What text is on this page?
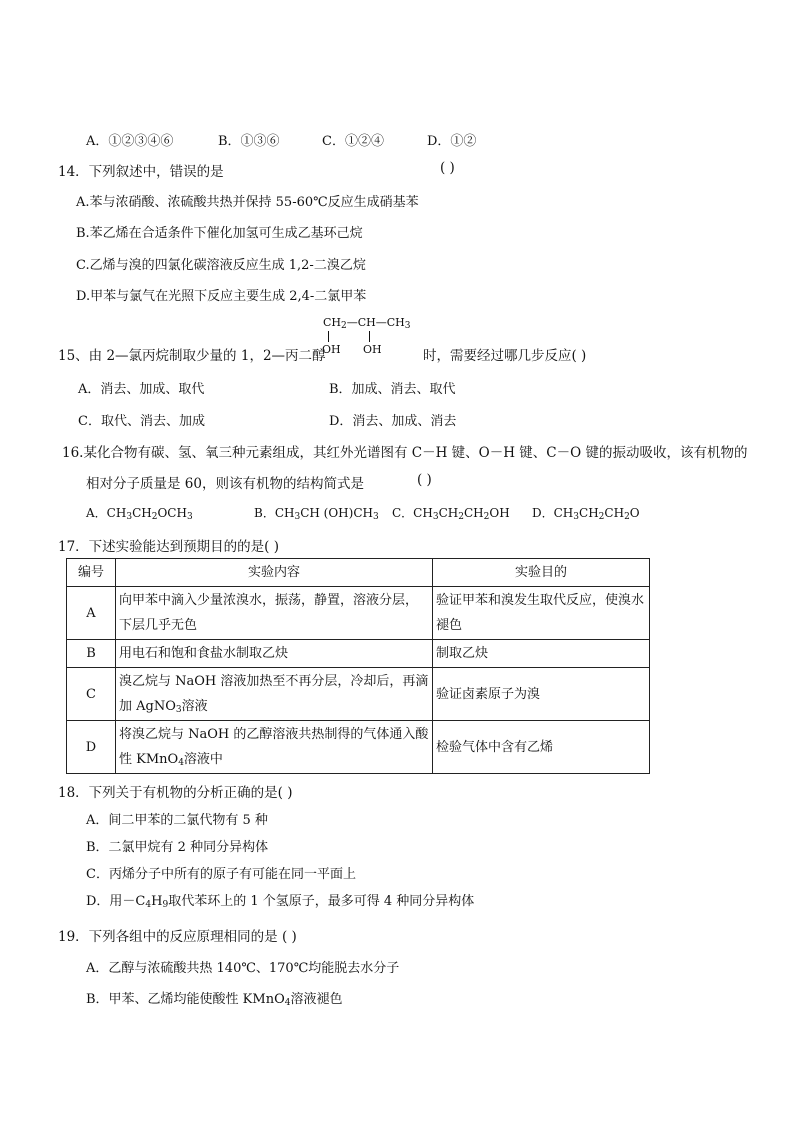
A．①②③④⑥	B．①③⑥	C．①②④	D．①②
14．下列叙述中，错误的是	( )
A.苯与浓硝酸、浓硫酸共热并保持 55-60℃反应生成硝基苯
B.苯乙烯在合适条件下催化加氢可生成乙基环己烷
C.乙烯与溴的四氯化碳溶液反应生成 1,2-二溴乙烷
D.甲苯与氯气在光照下反应主要生成 2,4-二氯甲苯
$CH_2—CH—CH_3$
OH OH
15、由 2—氯丙烷制取少量的 1，2—丙二醇	时，需要经过哪几步反应( )
A．消去、加成、取代	B．加成、消去、取代
C．取代、消去、加成	D．消去、加成、消去
16.某化合物有碳、氢、氧三种元素组成，其红外光谱图有 C－H 键、O－H 键、C－O 键的振动吸收，该有机物的
相对分子质量是 60，则该有机物的结构简式是	( )
A．$CH_3CH_2OCH_3$	B．$CH_3CH$ $(OH)CH_3$ C．$CH_3CH_2CH_2OH$ D．$CH_3CH_2CH_2O$
17．下述实验能达到预期目的的是( )
编号	实验内容	实验目的
A	向甲苯中滴入少量浓溴水，振荡，静置，溶液分层，下层几乎无色	验证甲苯和溴发生取代反应，使溴水褪色
B	用电石和饱和食盐水制取乙炔	制取乙炔
C	溴乙烷与 NaOH 溶液加热至不再分层，冷却后，再滴加 AgNO$_3$溶液	验证卤素原子为溴
D	将溴乙烷与 NaOH 的乙醇溶液共热制得的气体通入酸性 KMnO$_4$溶液中	检验气体中含有乙烯
18．下列关于有机物的分析正确的是( )
A．间二甲苯的二氯代物有 5 种
B．二氯甲烷有 2 种同分异构体
C．丙烯分子中所有的原子有可能在同一平面上
D．用$-C_4H_9$取代苯环上的 1 个氢原子，最多可得 4 种同分异构体
19．下列各组中的反应原理相同的是 ( )
A．乙醇与浓硫酸共热 140℃、170℃均能脱去水分子
B．甲苯、乙烯均能使酸性 KMnO$_4$溶液褪色
